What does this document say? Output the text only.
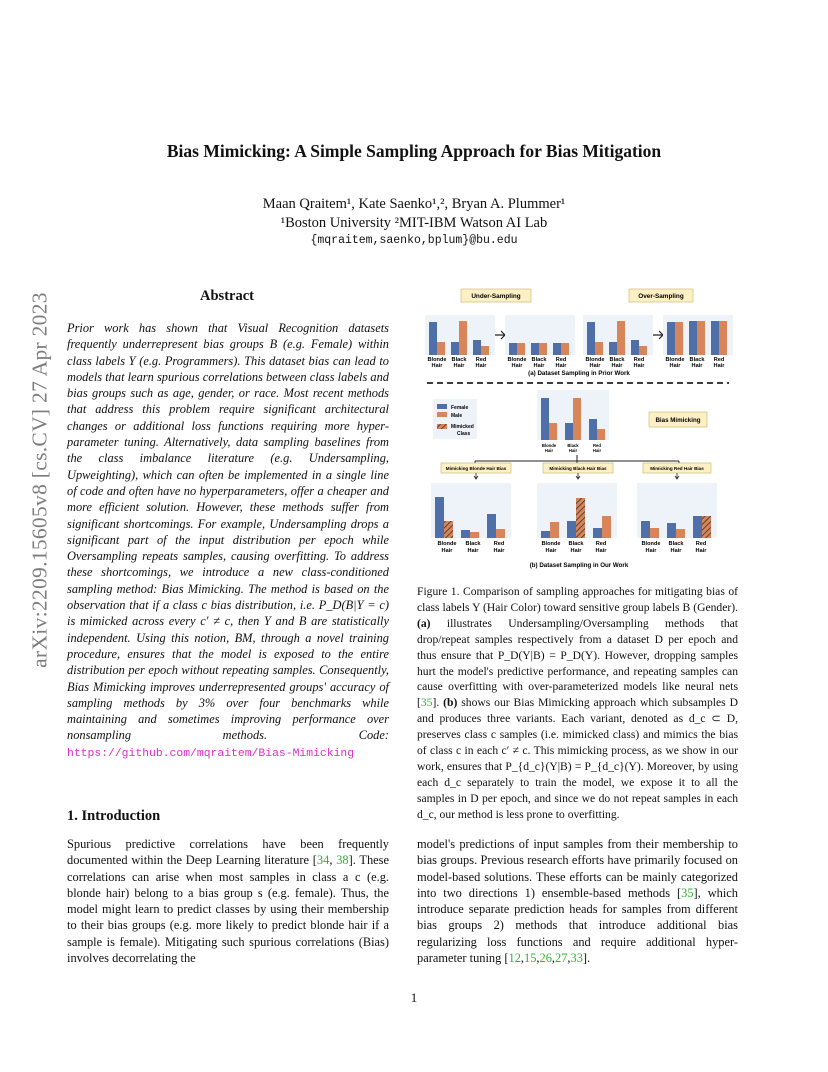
arXiv:2209.15605v8 [cs.CV] 27 Apr 2023
Bias Mimicking: A Simple Sampling Approach for Bias Mitigation
Maan Qraitem¹, Kate Saenko¹,², Bryan A. Plummer¹
¹Boston University ²MIT-IBM Watson AI Lab
{mqraitem,saenko,bplum}@bu.edu
Abstract
Prior work has shown that Visual Recognition datasets frequently underrepresent bias groups B (e.g. Female) within class labels Y (e.g. Programmers). This dataset bias can lead to models that learn spurious correlations between class labels and bias groups such as age, gender, or race. Most recent methods that address this problem require significant architectural changes or additional loss functions requiring more hyper-parameter tuning. Alternatively, data sampling baselines from the class imbalance literature (e.g. Undersampling, Upweighting), which can often be implemented in a single line of code and often have no hyperparameters, offer a cheaper and more efficient solution. However, these methods suffer from significant shortcomings. For example, Undersampling drops a significant part of the input distribution per epoch while Oversampling repeats samples, causing overfitting. To address these shortcomings, we introduce a new class-conditioned sampling method: Bias Mimicking. The method is based on the observation that if a class c bias distribution, i.e. P_D(B|Y = c) is mimicked across every c′ ≠ c, then Y and B are statistically independent. Using this notion, BM, through a novel training procedure, ensures that the model is exposed to the entire distribution per epoch without repeating samples. Consequently, Bias Mimicking improves underrepresented groups' accuracy of sampling methods by 3% over four benchmarks while maintaining and sometimes improving performance over nonsampling methods. Code: https://github.com/mqraitem/Bias-Mimicking
1. Introduction
Spurious predictive correlations have been frequently documented within the Deep Learning literature [34, 38]. These correlations can arise when most samples in class a c (e.g. blonde hair) belong to a bias group s (e.g. female). Thus, the model might learn to predict classes by using their membership to their bias groups (e.g. more likely to predict blonde hair if a sample is female). Mitigating such spurious correlations (Bias) involves decorrelating the
model's predictions of input samples from their membership to bias groups. Previous research efforts have primarily focused on model-based solutions. These efforts can be mainly categorized into two directions 1) ensemble-based methods [35], which introduce separate prediction heads for samples from different bias groups 2) methods that introduce additional bias regularizing loss functions and require additional hyper-parameter tuning [12,15,26,27,33].
Under-Sampling	Over-Sampling
Blonde
Hair
Black
Hair
Red
Hair
Blonde
Hair
Black
Hair
Red
Hair
Blonde
Hair
Black
Hair
Red
Hair
Blonde
Hair
Black
Hair
Red
Hair
(a) Dataset Sampling in Prior Work
Female
Male
Mimicked
Class
Blonde
Hair
Black
Hair
Red
Hair
Bias Mimicking
Mimicking Blonde Hair Bias	Mimicking Black Hair Bias	Mimicking Red Hair Bias
Blonde
Hair
Black
Hair
Red
Hair
Blonde
Hair
Black
Hair
Red
Hair
Blonde
Hair
Black
Hair
Red
Hair
(b) Dataset Sampling in Our Work
Figure 1. Comparison of sampling approaches for mitigating bias of class labels Y (Hair Color) toward sensitive group labels B (Gender). (a) illustrates Undersampling/Oversampling methods that drop/repeat samples respectively from a dataset D per epoch and thus ensure that P_D(Y|B) = P_D(Y). However, dropping samples hurt the model's predictive performance, and repeating samples can cause overfitting with over-parameterized models like neural nets [35]. (b) shows our Bias Mimicking approach which subsamples D and produces three variants. Each variant, denoted as d_c ⊂ D, preserves class c samples (i.e. mimicked class) and mimics the bias of class c in each c′ ≠ c. This mimicking process, as we show in our work, ensures that P_{d_c}(Y|B) = P_{d_c}(Y). Moreover, by using each d_c separately to train the model, we expose it to all the samples in D per epoch, and since we do not repeat samples in each d_c, our method is less prone to overfitting.
1
